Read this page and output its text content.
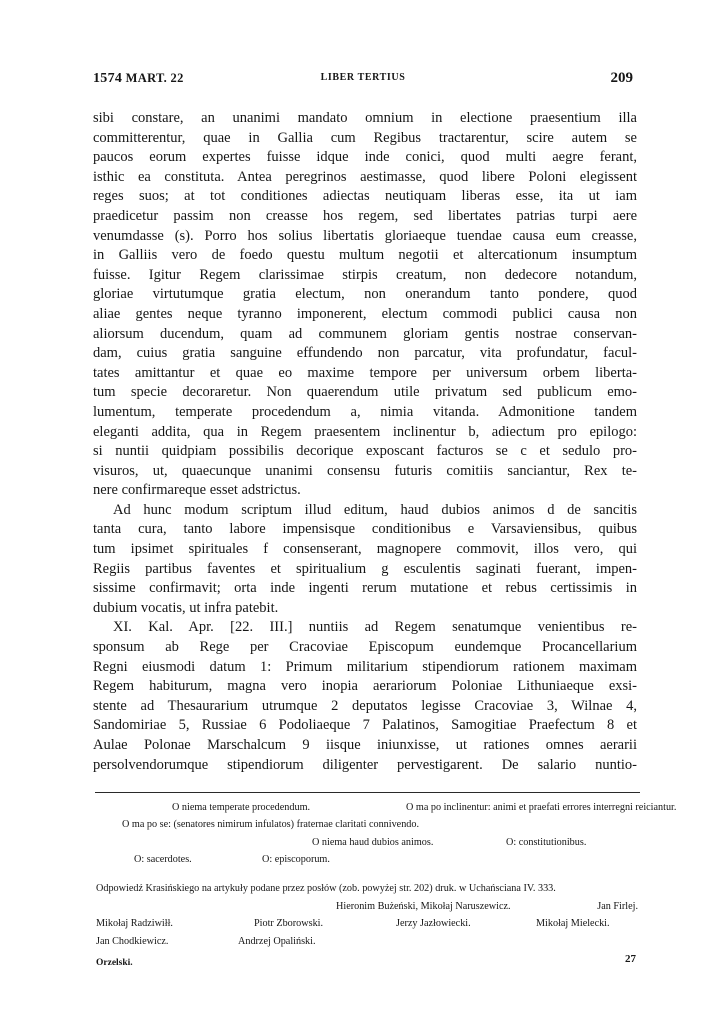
1574 MART. 22	LIBER TERTIUS	209

sibi constare, an unanimi mandato omnium in electione praesentium illa
committerentur, quae in Gallia cum Regibus tractarentur, scire autem se
paucos eorum expertes fuisse idque inde conici, quod multi aegre ferant,
isthic ea constituta. Antea peregrinos aestimasse, quod libere Poloni elegissent
reges suos; at tot conditiones adiectas neutiquam liberas esse, ita ut iam
praedicetur passim non creasse hos regem, sed libertates patrias turpi aere
venumdasse (s). Porro hos solius libertatis gloriaeque tuendae causa eum creasse,
in Galliis vero de foedo questu multum negotii et altercationum insumptum
fuisse. Igitur Regem clarissimae stirpis creatum, non dedecore notandum,
gloriae virtutumque gratia electum, non onerandum tanto pondere, quod
aliae gentes neque tyranno imponerent, electum commodi publici causa non
aliorsum ducendum, quam ad communem gloriam gentis nostrae conservan-
dam, cuius gratia sanguine effundendo non parcatur, vita profundatur, facul-
tates amittantur et quae eo maxime tempore per universum orbem liberta-
tum specie decoraretur. Non quaerendum utile privatum sed publicum emo-
lumentum, temperate procedendum a, nimia vitanda. Admonitione tandem
eleganti addita, qua in Regem praesentem inclinentur b, adiectum pro epilogo:
si nuntii quidpiam possibilis decorique exposcant facturos se c et sedulo pro-
visuros, ut, quaecunque unanimi consensu futuris comitiis sanciantur, Rex te-

nere confirmareque esset adstrictus.

Ad hunc modum scriptum illud editum, haud dubios animos d de sancitis
tanta cura, tanto labore impensisque conditionibus e Varsaviensibus, quibus
tum ipsimet spirituales f consenserant, magnopere commovit, illos vero, qui
Regiis partibus faventes et spiritualium g esculentis saginati fuerant, impen-
sissime confirmavit; orta inde ingenti rerum mutatione et rebus certissimis in

dubium vocatis, ut infra patebit.

XI. Kal. Apr. [22. III.] nuntiis ad Regem senatumque venientibus re-
sponsum ab Rege per Cracoviae Episcopum eundemque Procancellarium
Regni eiusmodi datum 1: Primum militarium stipendiorum rationem maximam
Regem habiturum, magna vero inopia aerariorum Poloniae Lithuniaeque exsi-
stente ad Thesaurarium utrumque 2 deputatos legisse Cracoviae 3, Wilnae 4,
Sandomiriae 5, Russiae 6 Podoliaeque 7 Palatinos, Samogitiae Praefectum 8 et
Aulae Polonae Marschalcum 9 iisque iniunxisse, ut rationes omnes aerarii
persolvendorumque stipendiorum diligenter pervestigarent. De salario nuntio-

O niema temperate procedendum.	O ma po inclinentur: animi et praefati errores interregni reiciantur.
O ma po se: (senatores nimirum infulatos) fraternae claritati connivendo.
O niema haud dubios animos.	O: constitutionibus.
O: sacerdotes.	O: episcoporum.
Odpowiedź Krasińskiego na artykuły podane przez posłów (zob. powyżej str. 202) druk. w Uchańsciana IV. 333.
Hieronim Bużeński, Mikołaj Naruszewicz.	Jan Firlej.
Mikołaj Radziwiłł.	Piotr Zborowski.	Jerzy Jazłowiecki.	Mikołaj Mielecki.
Jan Chodkiewicz.	Andrzej Opaliński.
Orzelski.	27
